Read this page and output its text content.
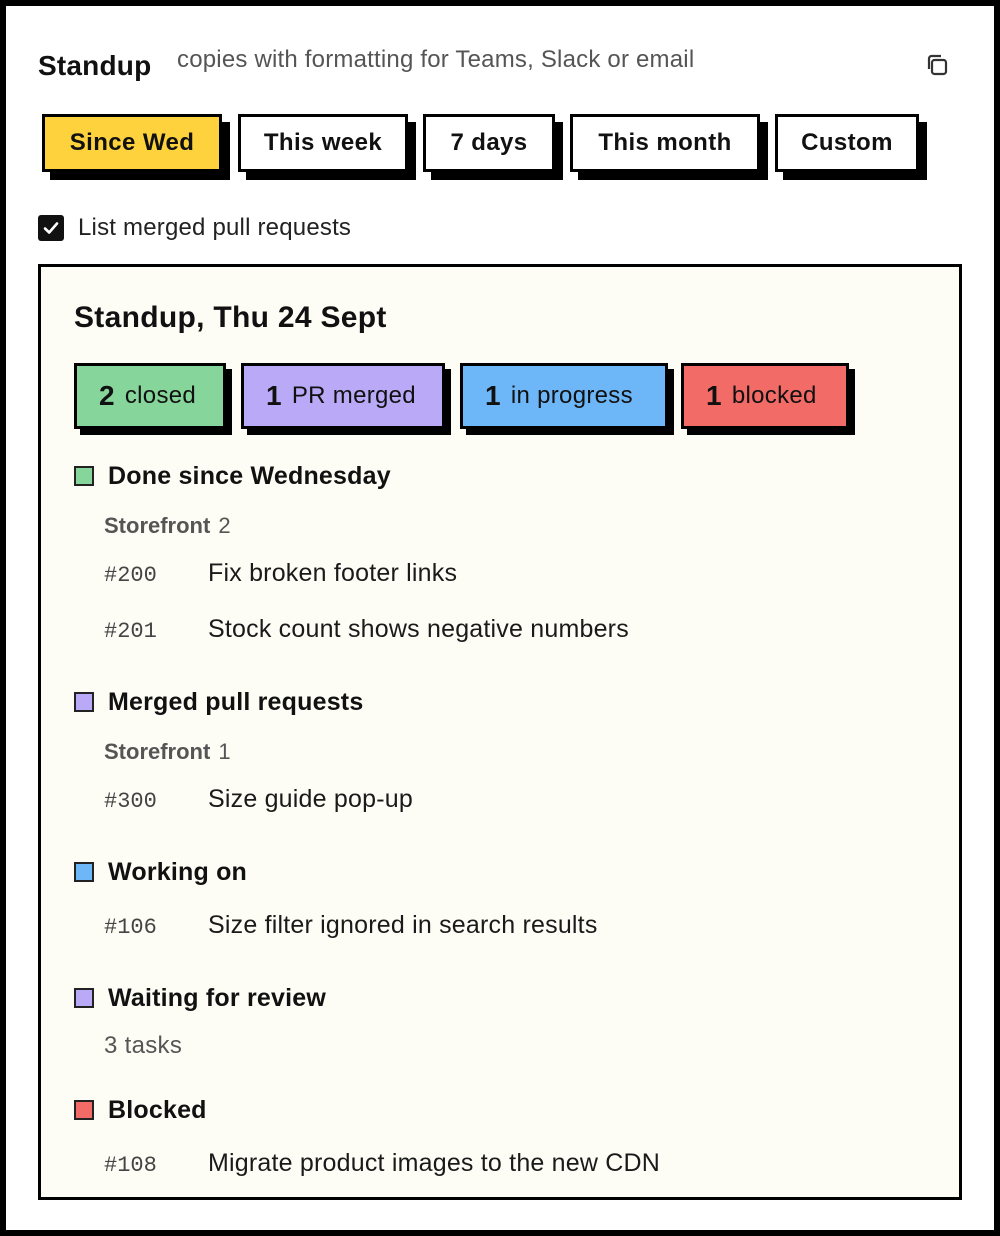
Standup copies with formatting for Teams, Slack or email
Since Wed	This week	7 days	This month	Custom
List merged pull requests
Standup, Thu 24 Sept
2 closed 1 PR merged 1 in progress	1 blocked
Done since Wednesday
Storefront 2
#200 Fix broken footer links
#201 Stock count shows negative numbers
Merged pull requests
Storefront 1
#300 Size guide pop-up
Working on
#106 Size filter ignored in search results
Waiting for review
3 tasks
Blocked
#108 Migrate product images to the new CDN
